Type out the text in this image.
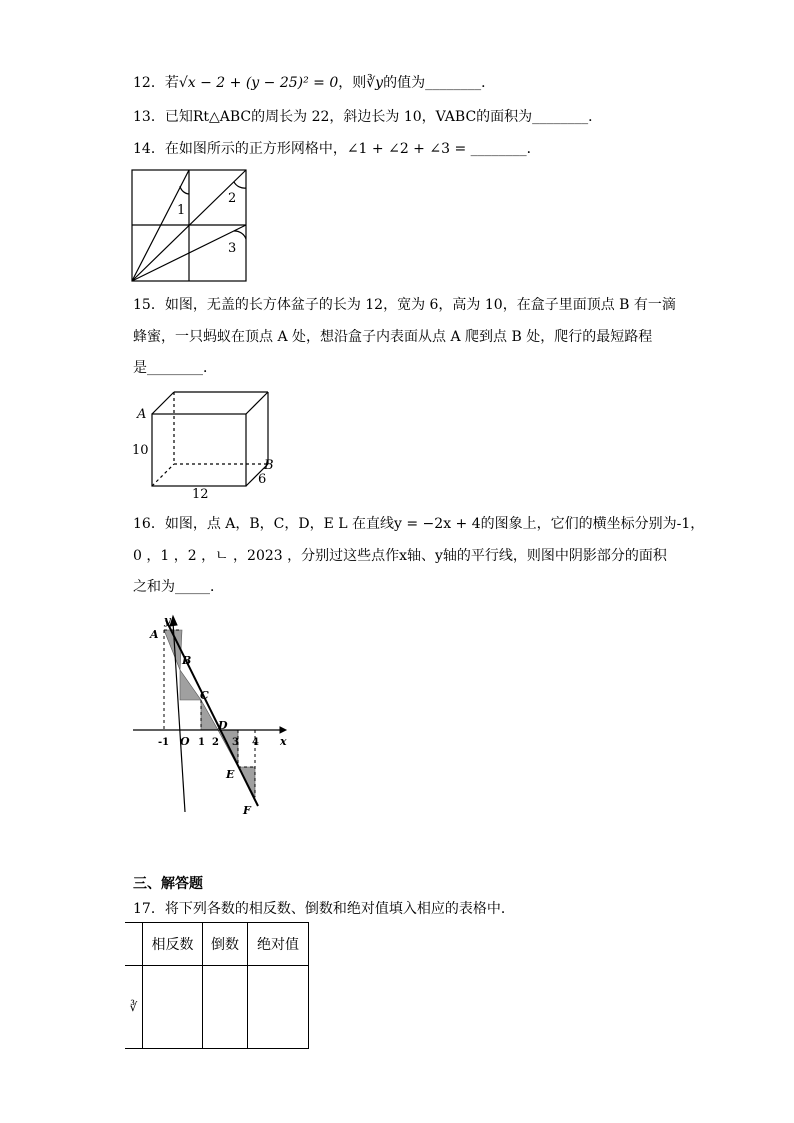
12．若√x − 2 + (y − 25)² = 0，则∛y的值为________．
13．已知Rt△ABC的周长为 22，斜边长为 10，VABC的面积为________．
14．在如图所示的正方形网格中，∠1 + ∠2 + ∠3 = ________．
1
2
3
15．如图，无盖的长方体盆子的长为 12，宽为 6，高为 10，在盒子里面顶点 B 有一滴
蜂蜜，一只蚂蚁在顶点 A 处，想沿盒子内表面从点 A 爬到点 B 处，爬行的最短路程
是________．
A
B
10
12
6
16．如图，点 A，B，C，D，E L 在直线y = −2x + 4的图象上，它们的横坐标分别为-1，
0 ，1 ，2 ，ㄴ ，2023 ，分别过这些点作x轴、y轴的平行线，则图中阴影部分的面积
之和为_____．
A
B
C
D
E
F
y
x
O
-1	1 2 3 4
三、解答题
17．将下列各数的相反数、倒数和绝对值填入相应的表格中．
	相反数	倒数	绝对值
∛			
